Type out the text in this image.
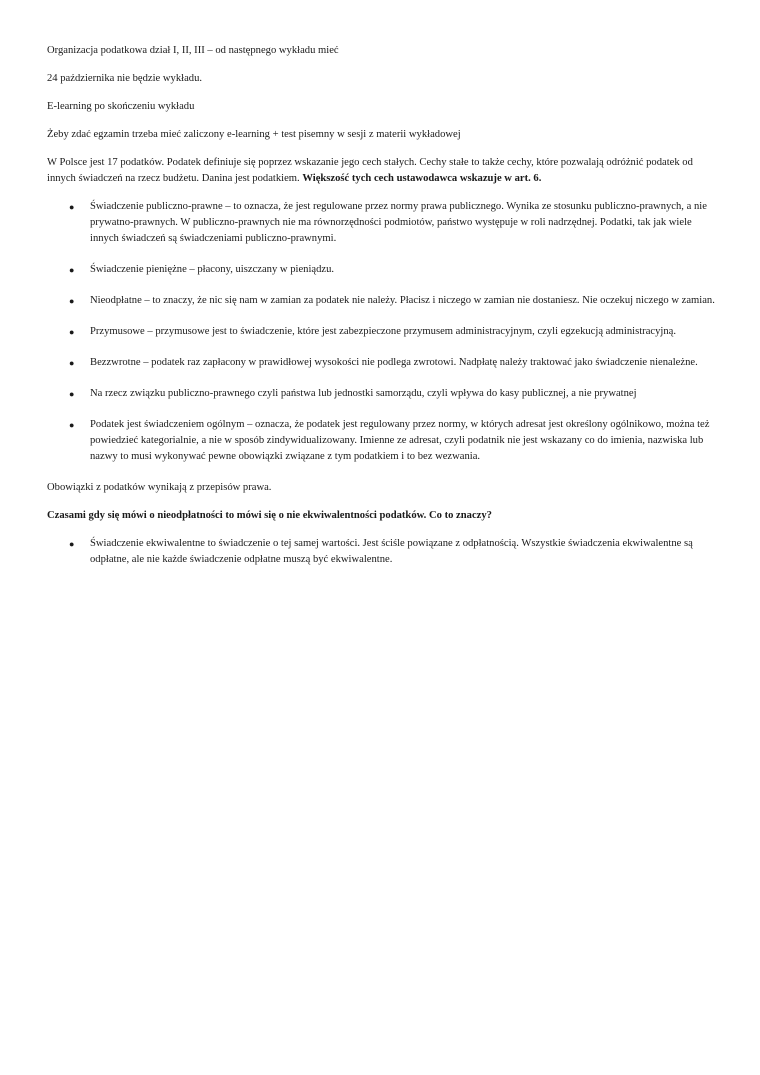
Organizacja podatkowa dział I, II, III – od następnego wykładu mieć

24 października nie będzie wykładu.

E-learning po skończeniu wykładu

Żeby zdać egzamin trzeba mieć zaliczony e-learning + test pisemny w sesji z materii wykładowej

W Polsce jest 17 podatków. Podatek definiuje się poprzez wskazanie jego cech stałych. Cechy stałe to także cechy, które pozwalają odróżnić podatek od innych świadczeń na rzecz budżetu. Danina jest podatkiem. Większość tych cech ustawodawca wskazuje w art. 6.

● Świadczenie publiczno-prawne – to oznacza, że jest regulowane przez normy prawa publicznego. Wynika ze stosunku publiczno-prawnych, a nie prywatno-prawnych. W publiczno-prawnych nie ma równorzędności podmiotów, państwo występuje w roli nadrzędnej. Podatki, tak jak wiele innych świadczeń są świadczeniami publiczno-prawnymi.
● Świadczenie pieniężne – płacony, uiszczany w pieniądzu.
● Nieodpłatne – to znaczy, że nic się nam w zamian za podatek nie należy. Płacisz i niczego w zamian nie dostaniesz. Nie oczekuj niczego w zamian.
● Przymusowe – przymusowe jest to świadczenie, które jest zabezpieczone przymusem administracyjnym, czyli egzekucją administracyjną.
● Bezzwrotne – podatek raz zapłacony w prawidłowej wysokości nie podlega zwrotowi. Nadpłatę należy traktować jako świadczenie nienależne.
● Na rzecz związku publiczno-prawnego czyli państwa lub jednostki samorządu, czyli wpływa do kasy publicznej, a nie prywatnej
● Podatek jest świadczeniem ogólnym – oznacza, że podatek jest regulowany przez normy, w których adresat jest określony ogólnikowo, można też powiedzieć kategorialnie, a nie w sposób zindywidualizowany. Imienne ze adresat, czyli podatnik nie jest wskazany co do imienia, nazwiska lub nazwy to musi wykonywać pewne obowiązki związane z tym podatkiem i to bez wezwania.

Obowiązki z podatków wynikają z przepisów prawa.

Czasami gdy się mówi o nieodpłatności to mówi się o nie ekwiwalentności podatków. Co to znaczy?

● Świadczenie ekwiwalentne to świadczenie o tej samej wartości. Jest ściśle powiązane z odpłatnością. Wszystkie świadczenia ekwiwalentne są odpłatne, ale nie każde świadczenie odpłatne muszą być ekwiwalentne.
